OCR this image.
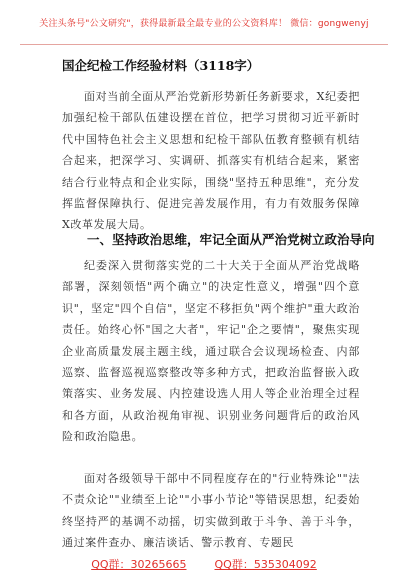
关注头条号"公文研究"，获得最新最全最专业的公文资料库！ 微信：gongwenyj
国企纪检工作经验材料（3118字）
面对当前全面从严治党新形势新任务新要求，X纪委把加强纪检干部队伍建设摆在首位，把学习贯彻习近平新时代中国特色社会主义思想和纪检干部队伍教育整顿有机结合起来，把深学习、实调研、抓落实有机结合起来，紧密结合行业特点和企业实际，围绕"坚持五种思维"，充分发挥监督保障执行、促进完善发展作用，有力有效服务保障X改革发展大局。
一、坚持政治思维，牢记全面从严治党树立政治导向
纪委深入贯彻落实党的二十大关于全面从严治党战略部署，深刻领悟"两个确立"的决定性意义，增强"四个意识"，坚定"四个自信"，坚定不移拒负"两个维护"重大政治责任。始终心怀"国之大者"，牢记"企之要情"，聚焦实现企业高质量发展主题主线，通过联合会议现场检查、内部巡察、监督巡视巡察整改等多种方式，把政治监督嵌入政策落实、业务发展、内控建设选人用人等企业治理全过程和各方面，从政治视角审视、识别业务问题背后的政治风险和政治隐患。
面对各级领导干部中不同程度存在的"行业特殊论""法不责众论""业绩至上论""小事小节论"等错误思想，纪委始终坚持严的基调不动摇，切实做到敢于斗争、善于斗争，通过案件查办、廉洁谈话、警示教育、专题民
QQ群：30265665	QQ群：535304092
